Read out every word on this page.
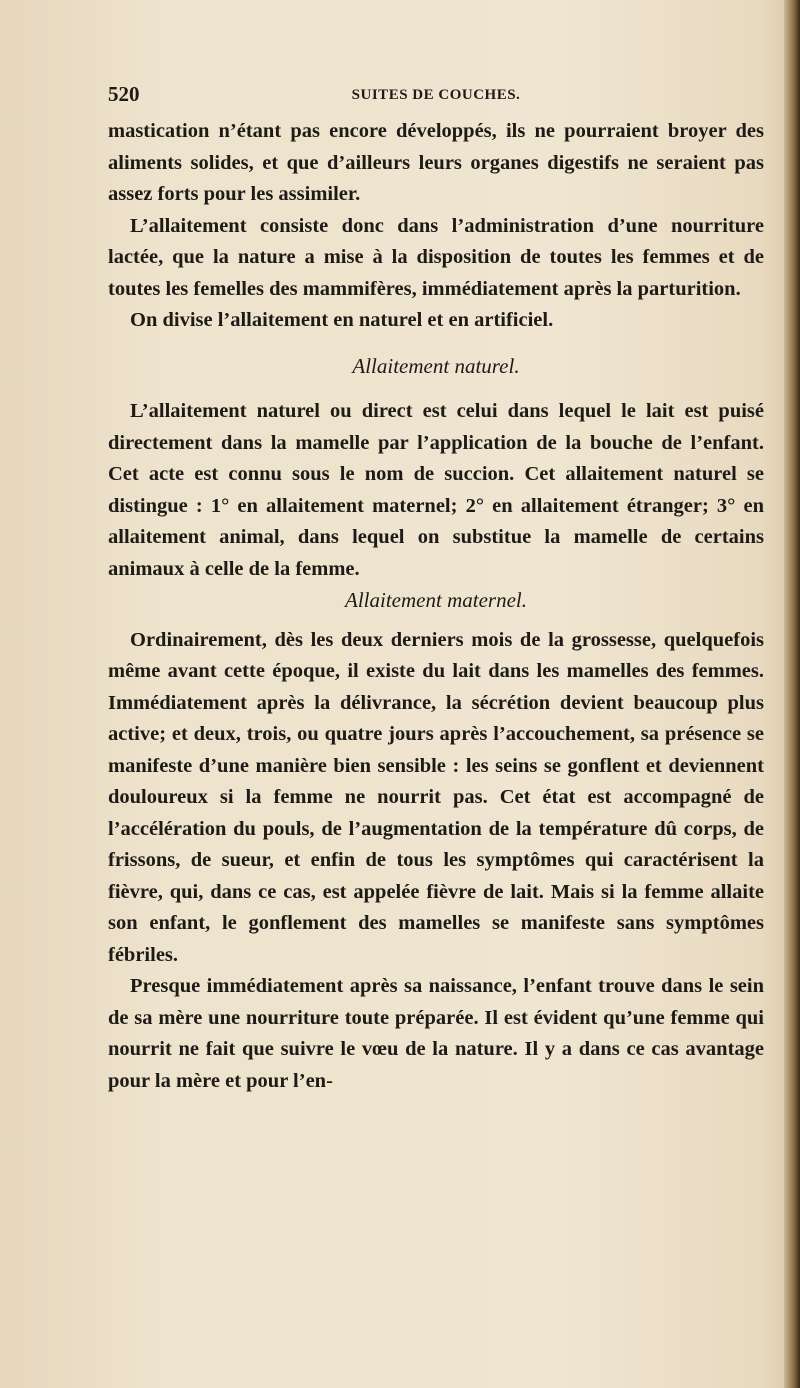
520	SUITES DE COUCHES.

mastication n’étant pas encore développés, ils ne pourraient broyer des aliments solides, et que d’ailleurs leurs organes digestifs ne seraient pas assez forts pour les assimiler.

L’allaitement consiste donc dans l’administration d’une nourriture lactée, que la nature a mise à la disposition de toutes les femmes et de toutes les femelles des mammifères, immédiatement après la parturition.

On divise l’allaitement en naturel et en artificiel.

Allaitement naturel.

L’allaitement naturel ou direct est celui dans lequel le lait est puisé directement dans la mamelle par l’application de la bouche de l’enfant. Cet acte est connu sous le nom de succion. Cet allaitement naturel se distingue : 1° en allaitement maternel; 2° en allaitement étranger; 3° en allaitement animal, dans lequel on substitue la mamelle de certains animaux à celle de la femme.

Allaitement maternel.

Ordinairement, dès les deux derniers mois de la grossesse, quelquefois même avant cette époque, il existe du lait dans les mamelles des femmes. Immédiatement après la délivrance, la sécrétion devient beaucoup plus active; et deux, trois, ou quatre jours après l’accouchement, sa présence se manifeste d’une manière bien sensible : les seins se gonflent et deviennent douloureux si la femme ne nourrit pas. Cet état est accompagné de l’accélération du pouls, de l’augmentation de la température dû corps, de frissons, de sueur, et enfin de tous les symptômes qui caractérisent la fièvre, qui, dans ce cas, est appelée fièvre de lait. Mais si la femme allaite son enfant, le gonflement des mamelles se manifeste sans symptômes fébriles.

Presque immédiatement après sa naissance, l’enfant trouve dans le sein de sa mère une nourriture toute préparée. Il est évident qu’une femme qui nourrit ne fait que suivre le vœu de la nature. Il y a dans ce cas avantage pour la mère et pour l’en-
